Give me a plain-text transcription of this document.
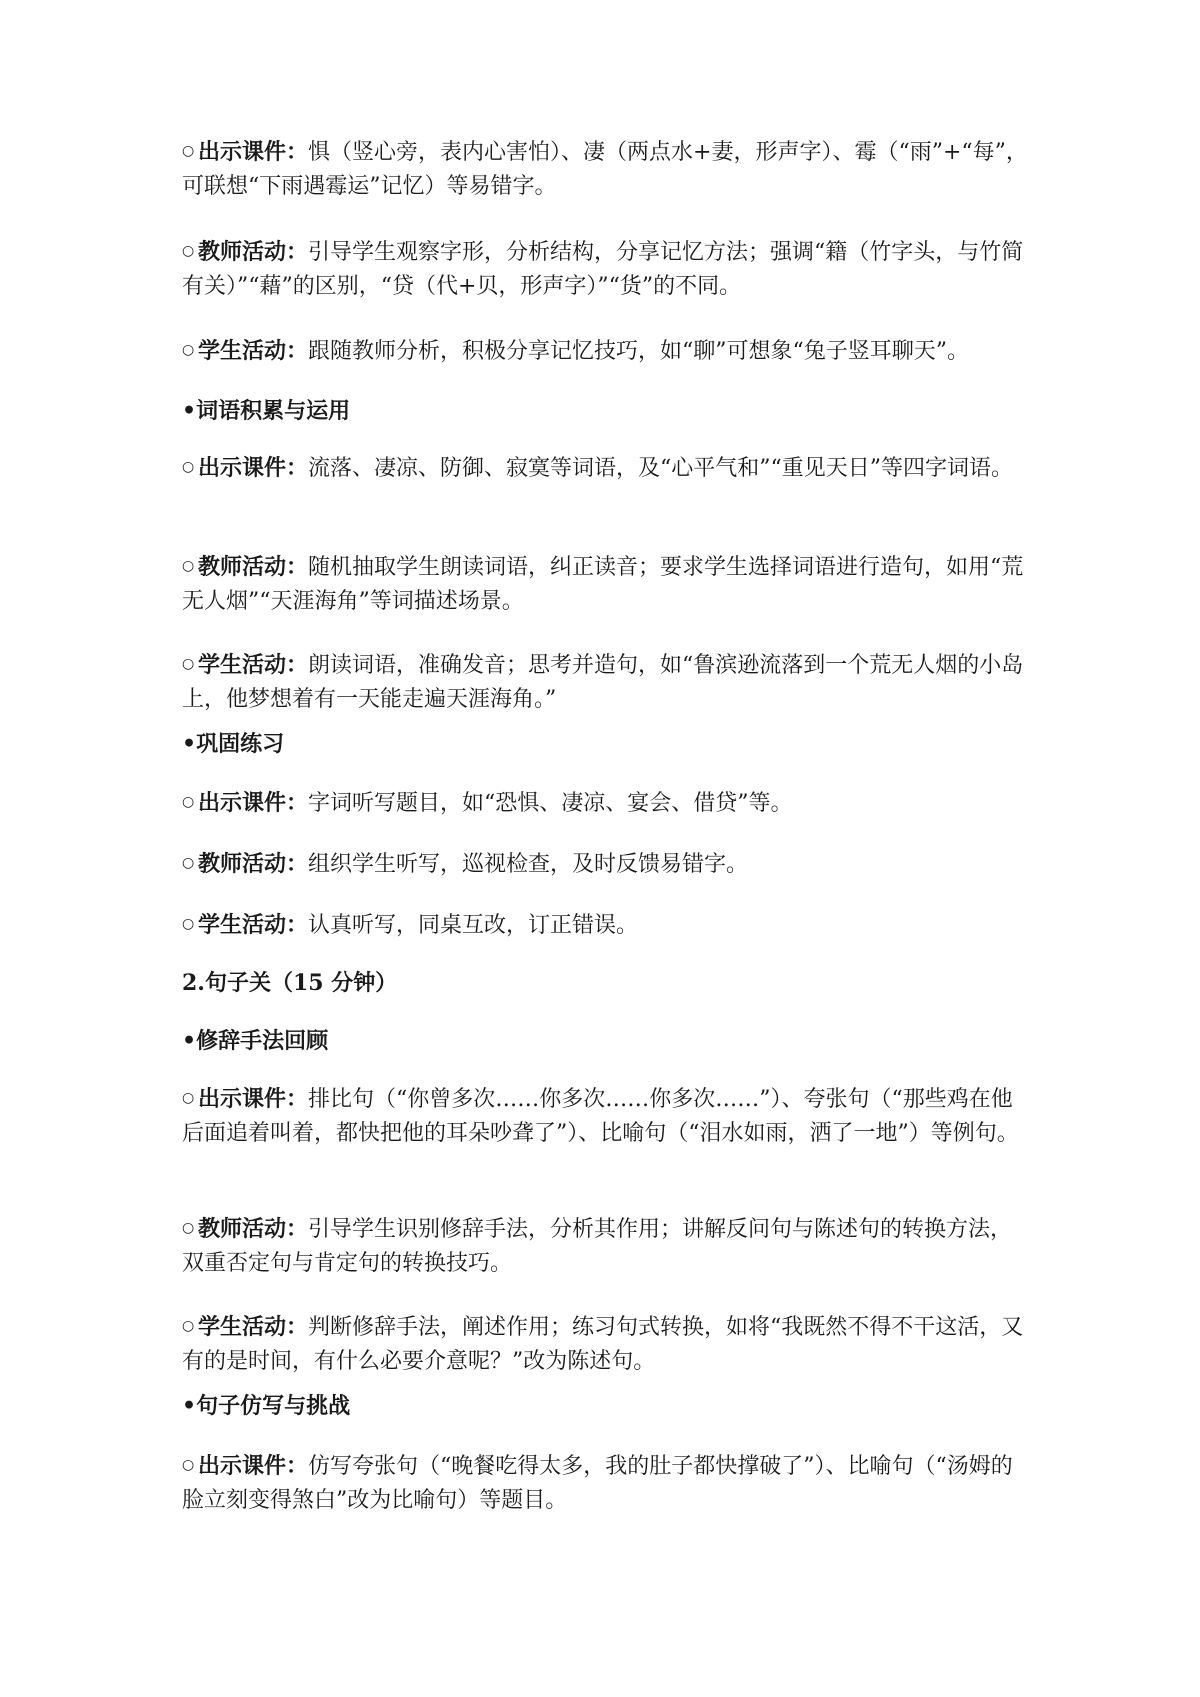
○ 出示课件：惧（竖心旁，表内心害怕）、凄（两点水+妻，形声字）、霉（“雨”+“每”，可联想“下雨遇霉运”记忆）等易错字。

○ 教师活动：引导学生观察字形，分析结构，分享记忆方法；强调“籍（竹字头，与竹简有关）”“藉”的区别，“贷（代+贝，形声字）”“货”的不同。

○ 学生活动：跟随教师分析，积极分享记忆技巧，如“聊”可想象“兔子竖耳聊天”。

•词语积累与运用

○ 出示课件：流落、凄凉、防御、寂寞等词语，及“心平气和”“重见天日”等四字词语。

○ 教师活动：随机抽取学生朗读词语，纠正读音；要求学生选择词语进行造句，如用“荒无人烟”“天涯海角”等词描述场景。

○ 学生活动：朗读词语，准确发音；思考并造句，如“鲁滨逊流落到一个荒无人烟的小岛上，他梦想着有一天能走遍天涯海角。”

•巩固练习

○ 出示课件：字词听写题目，如“恐惧、凄凉、宴会、借贷”等。

○ 教师活动：组织学生听写，巡视检查，及时反馈易错字。

○ 学生活动：认真听写，同桌互改，订正错误。

2.句子关（15 分钟）

•修辞手法回顾

○ 出示课件：排比句（“你曾多次……你多次……你多次……”）、夸张句（“那些鸡在他后面追着叫着，都快把他的耳朵吵聋了”）、比喻句（“泪水如雨，洒了一地”）等例句。

○ 教师活动：引导学生识别修辞手法，分析其作用；讲解反问句与陈述句的转换方法，双重否定句与肯定句的转换技巧。

○ 学生活动：判断修辞手法，阐述作用；练习句式转换，如将“我既然不得不干这活，又有的是时间，有什么必要介意呢？”改为陈述句。

•句子仿写与挑战

○ 出示课件：仿写夸张句（“晚餐吃得太多，我的肚子都快撑破了”）、比喻句（“汤姆的脸立刻变得煞白”改为比喻句）等题目。
